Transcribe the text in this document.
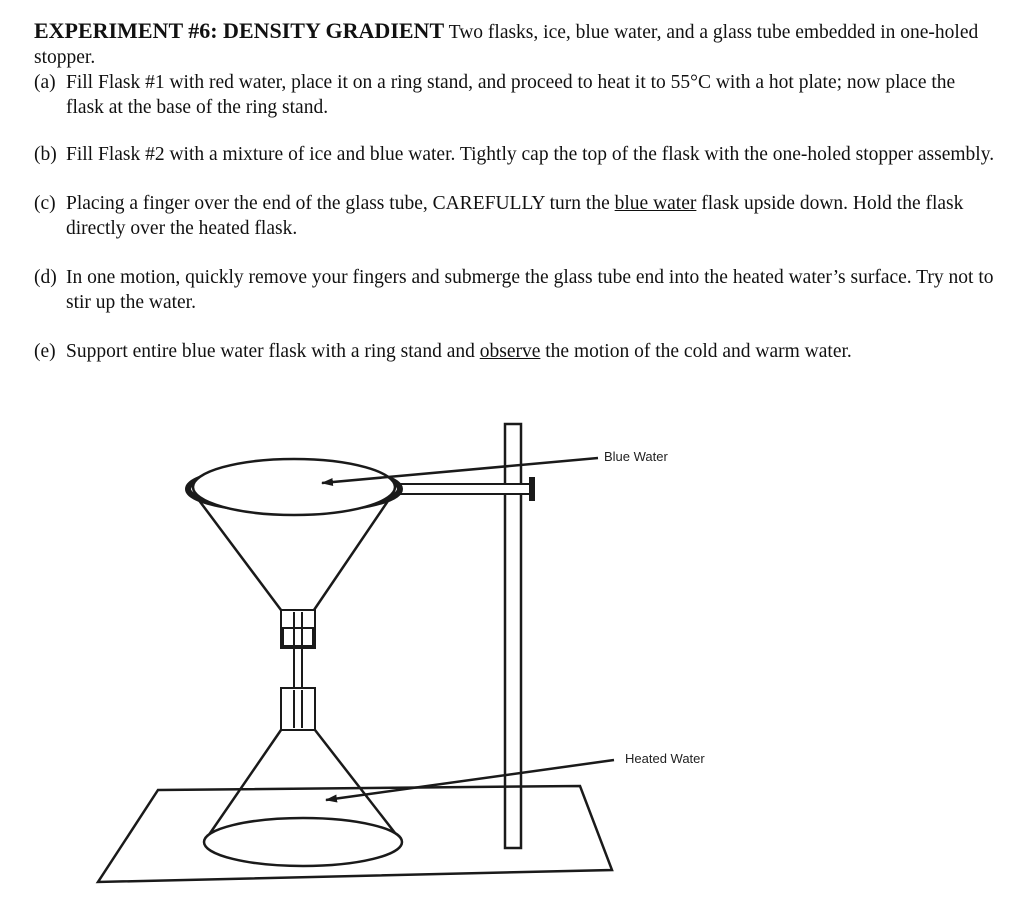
EXPERIMENT #6: DENSITY GRADIENT Two flasks, ice, blue water, and a glass tube embedded in one-holed stopper.

(a) Fill Flask #1 with red water, place it on a ring stand, and proceed to heat it to 55°C with a hot plate; now place the flask at the base of the ring stand.
(b) Fill Flask #2 with a mixture of ice and blue water. Tightly cap the top of the flask with the one-holed stopper assembly.
(c) Placing a finger over the end of the glass tube, CAREFULLY turn the blue water flask upside down. Hold the flask directly over the heated flask.
(d) In one motion, quickly remove your fingers and submerge the glass tube end into the heated water’s surface. Try not to stir up the water.
(e) Support entire blue water flask with a ring stand and observe the motion of the cold and warm water.
Blue Water
Heated Water
